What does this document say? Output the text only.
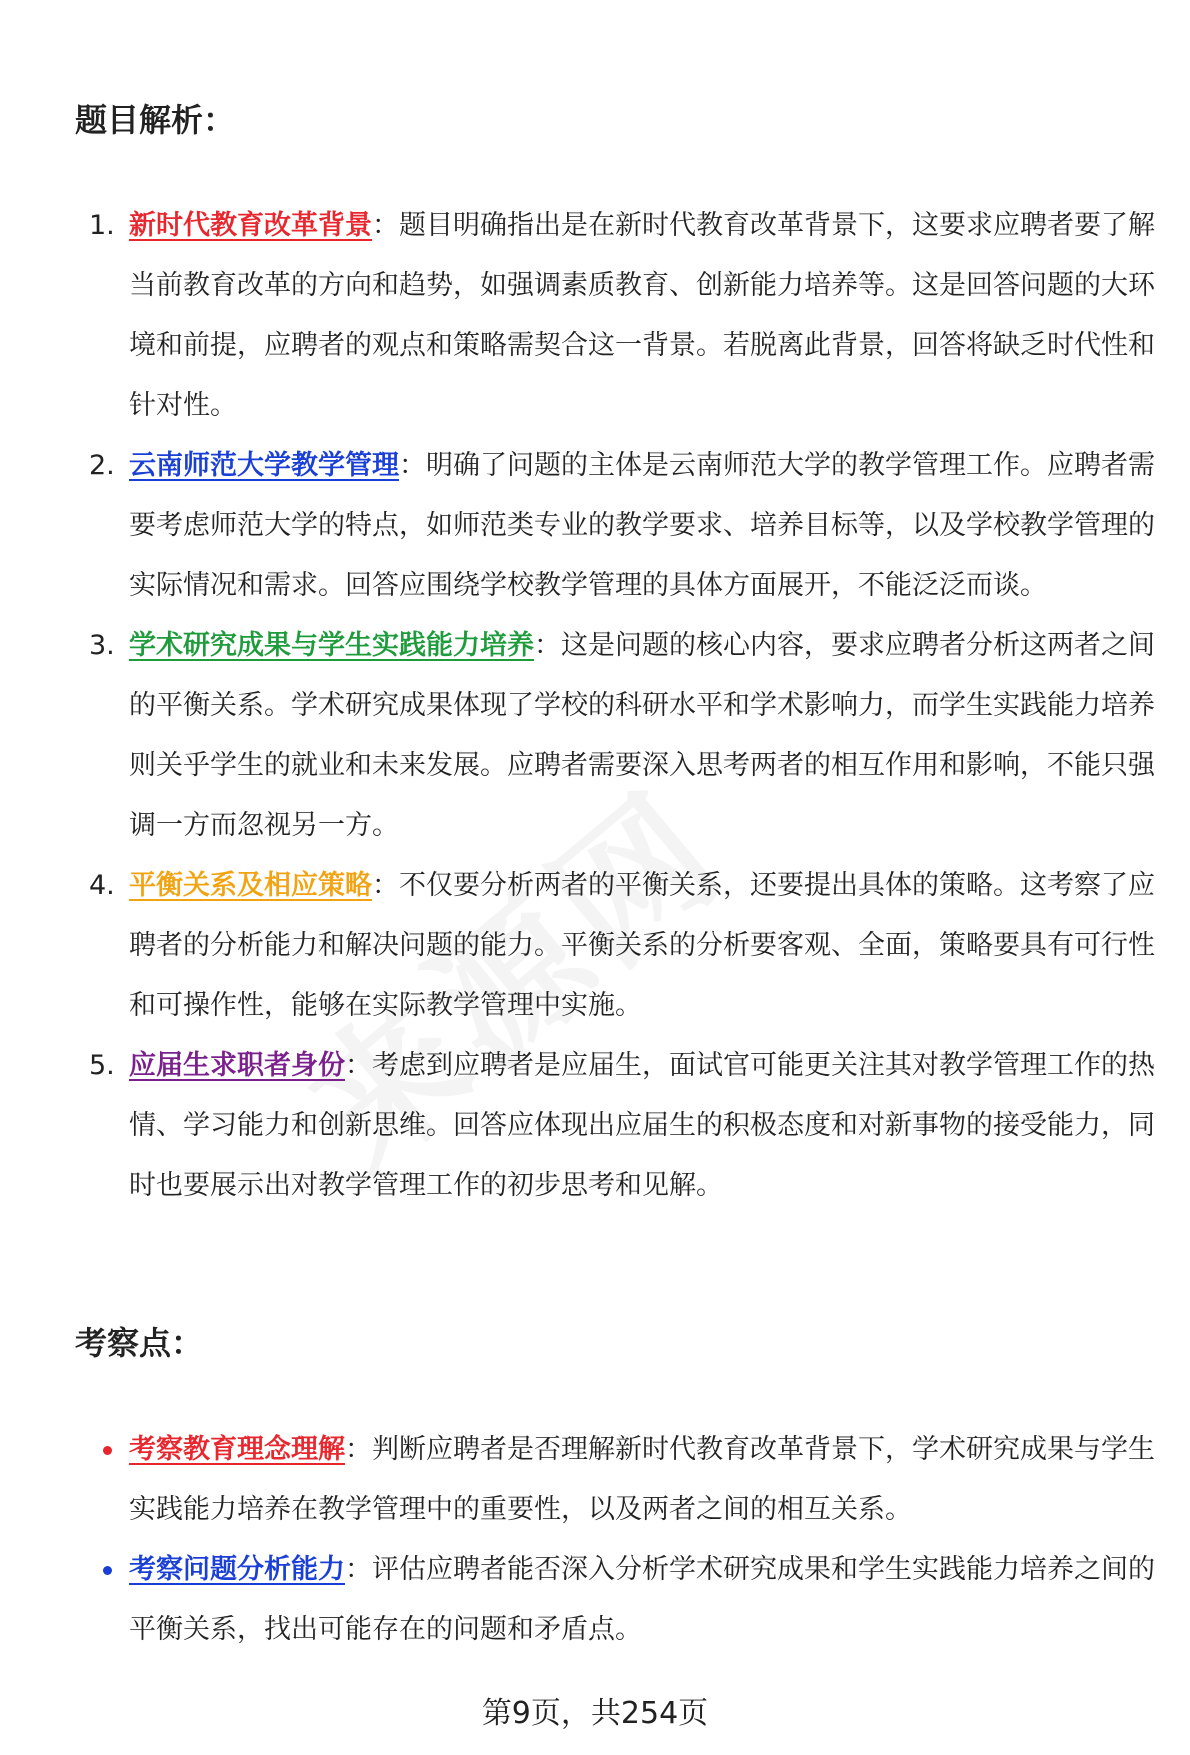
题目解析：
1. 新时代教育改革背景：题目明确指出是在新时代教育改革背景下，这要求应聘者要了解当前教育改革的方向和趋势，如强调素质教育、创新能力培养等。这是回答问题的大环境和前提，应聘者的观点和策略需契合这一背景。若脱离此背景，回答将缺乏时代性和针对性。
2. 云南师范大学教学管理：明确了问题的主体是云南师范大学的教学管理工作。应聘者需要考虑师范大学的特点，如师范类专业的教学要求、培养目标等，以及学校教学管理的实际情况和需求。回答应围绕学校教学管理的具体方面展开，不能泛泛而谈。
3. 学术研究成果与学生实践能力培养：这是问题的核心内容，要求应聘者分析这两者之间的平衡关系。学术研究成果体现了学校的科研水平和学术影响力，而学生实践能力培养则关乎学生的就业和未来发展。应聘者需要深入思考两者的相互作用和影响，不能只强调一方而忽视另一方。
4. 平衡关系及相应策略：不仅要分析两者的平衡关系，还要提出具体的策略。这考察了应聘者的分析能力和解决问题的能力。平衡关系的分析要客观、全面，策略要具有可行性和可操作性，能够在实际教学管理中实施。
5. 应届生求职者身份：考虑到应聘者是应届生，面试官可能更关注其对教学管理工作的热情、学习能力和创新思维。回答应体现出应届生的积极态度和对新事物的接受能力，同时也要展示出对教学管理工作的初步思考和见解。
考察点：
考察教育理念理解：判断应聘者是否理解新时代教育改革背景下，学术研究成果与学生实践能力培养在教学管理中的重要性，以及两者之间的相互关系。
考察问题分析能力：评估应聘者能否深入分析学术研究成果和学生实践能力培养之间的平衡关系，找出可能存在的问题和矛盾点。
第9页，共254页
